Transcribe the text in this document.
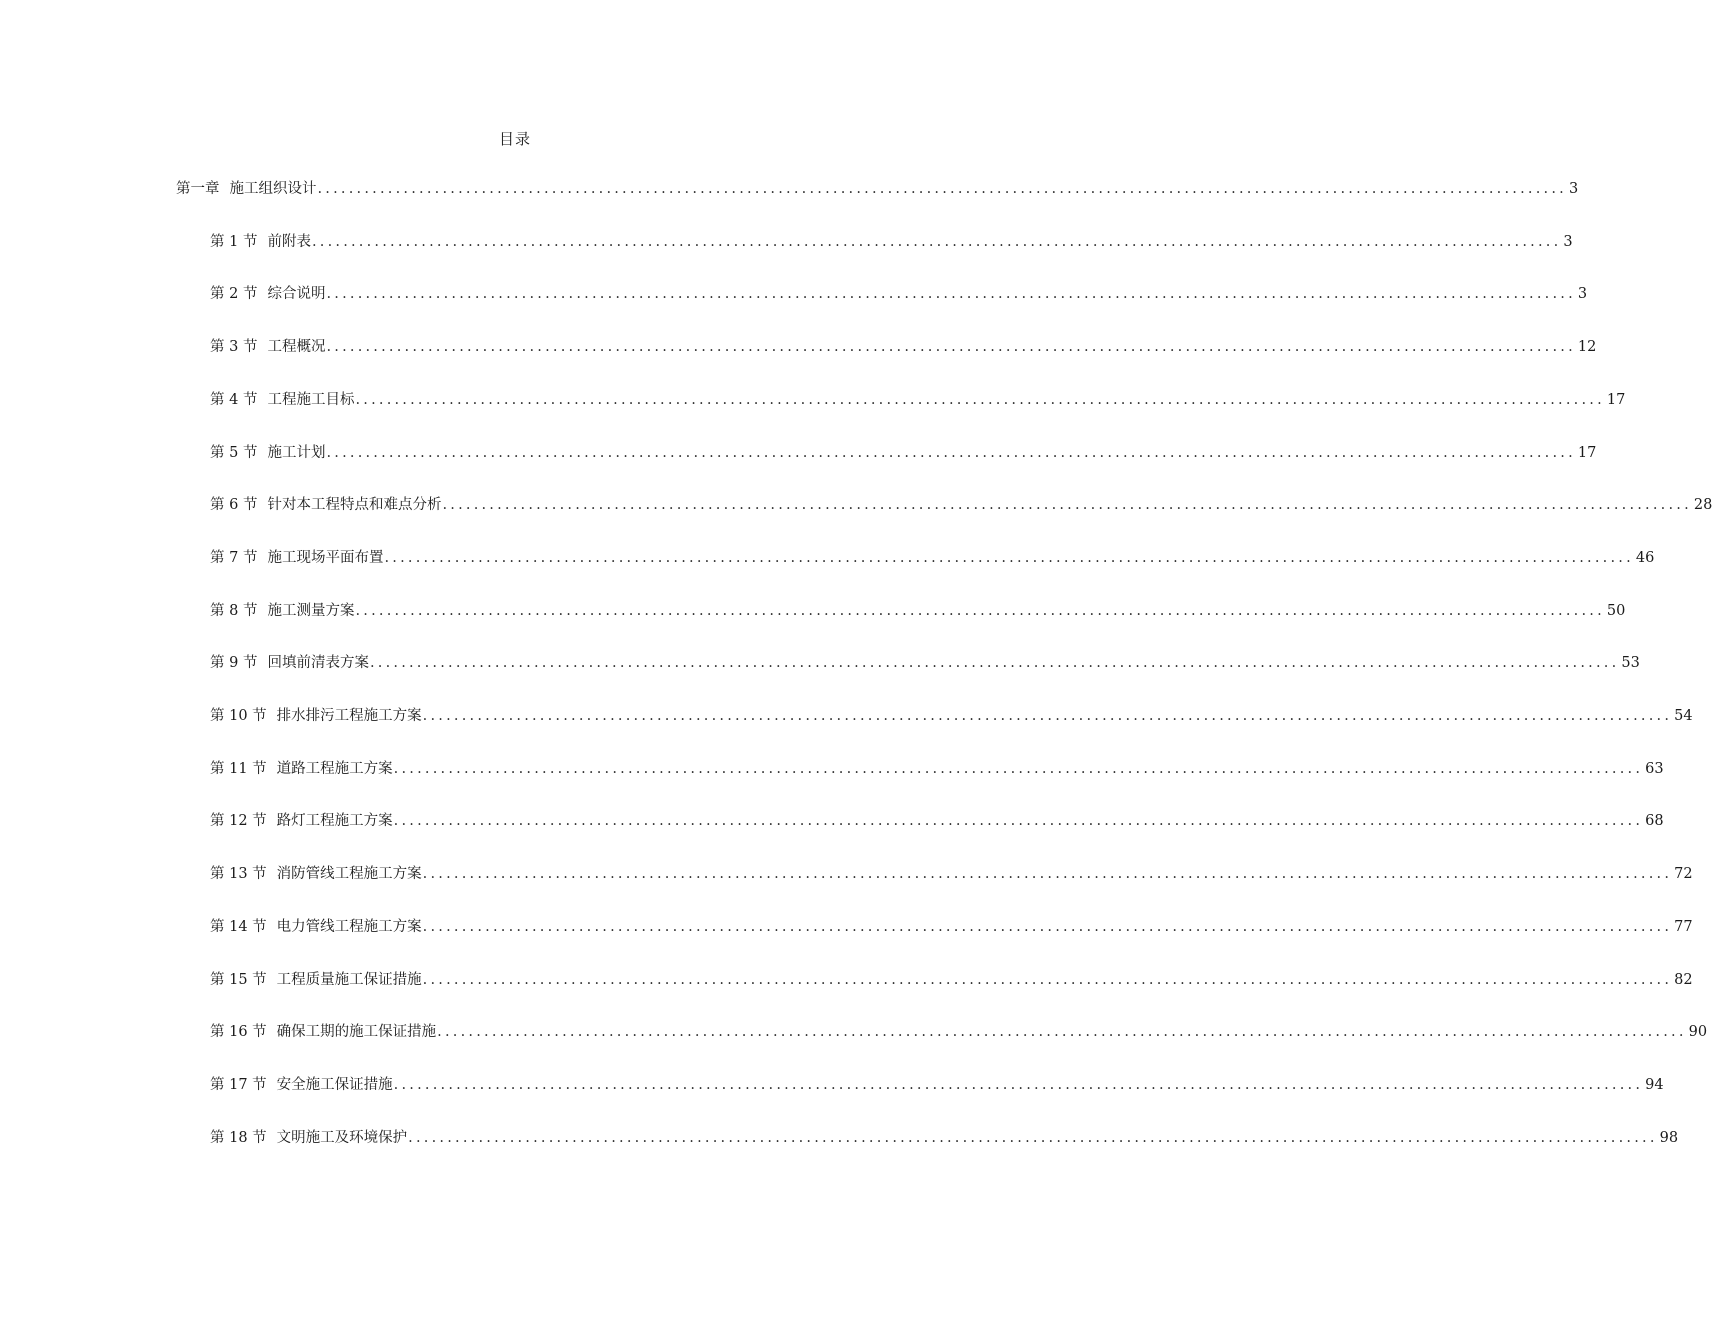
目录
第一章 施工组织设计 ................................................................................................................................................................ 3
第 1 节 前附表 ................................................................................................................................................................ 3
第 2 节 综合说明 ................................................................................................................................................................ 3
第 3 节 工程概况 ................................................................................................................................................................ 12
第 4 节 工程施工目标 ................................................................................................................................................................ 17
第 5 节 施工计划 ................................................................................................................................................................ 17
第 6 节 针对本工程特点和难点分析 ................................................................................................................................................................ 28
第 7 节 施工现场平面布置 ................................................................................................................................................................ 46
第 8 节 施工测量方案 ................................................................................................................................................................ 50
第 9 节 回填前清表方案 ................................................................................................................................................................ 53
第 10 节 排水排污工程施工方案 ................................................................................................................................................................ 54
第 11 节 道路工程施工方案 ................................................................................................................................................................ 63
第 12 节 路灯工程施工方案 ................................................................................................................................................................ 68
第 13 节 消防管线工程施工方案 ................................................................................................................................................................ 72
第 14 节 电力管线工程施工方案 ................................................................................................................................................................ 77
第 15 节 工程质量施工保证措施 ................................................................................................................................................................ 82
第 16 节 确保工期的施工保证措施 ................................................................................................................................................................ 90
第 17 节 安全施工保证措施 ................................................................................................................................................................ 94
第 18 节 文明施工及环境保护 ................................................................................................................................................................ 98
